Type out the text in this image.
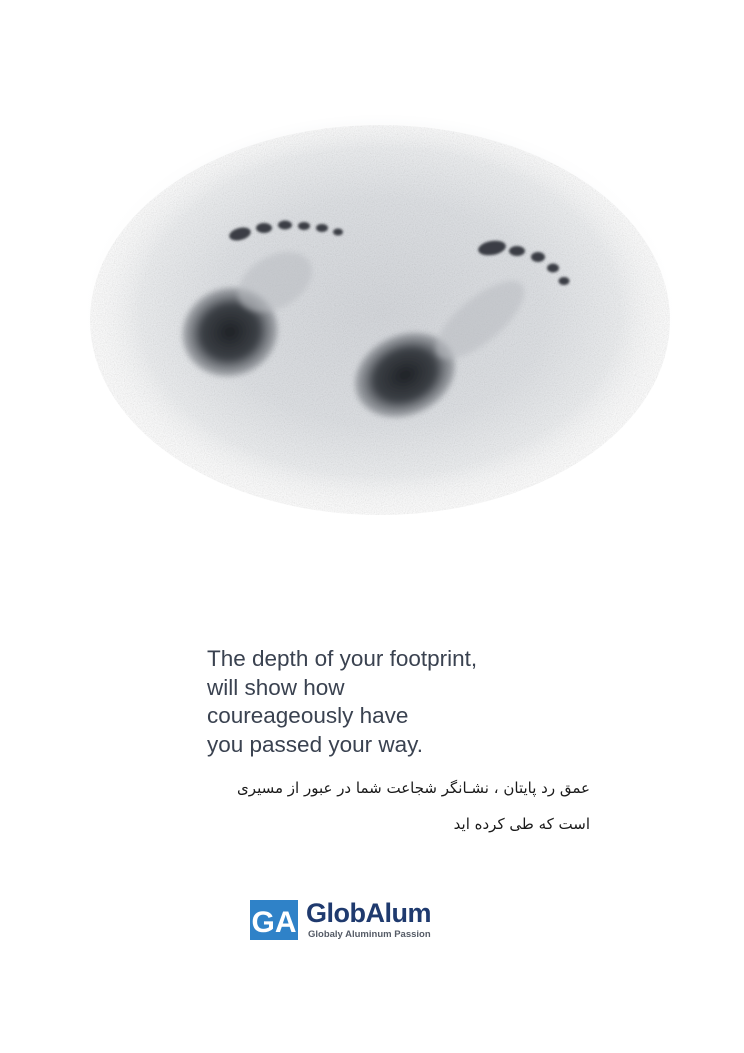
The depth of your footprint,
will show how
coureageously have
you passed your way.
عمق رد پایتان ، نشـانگر شجاعت شما در عبور از مسیری
است که طی کرده اید
GA GlobAlum
Globaly Aluminum Passion
